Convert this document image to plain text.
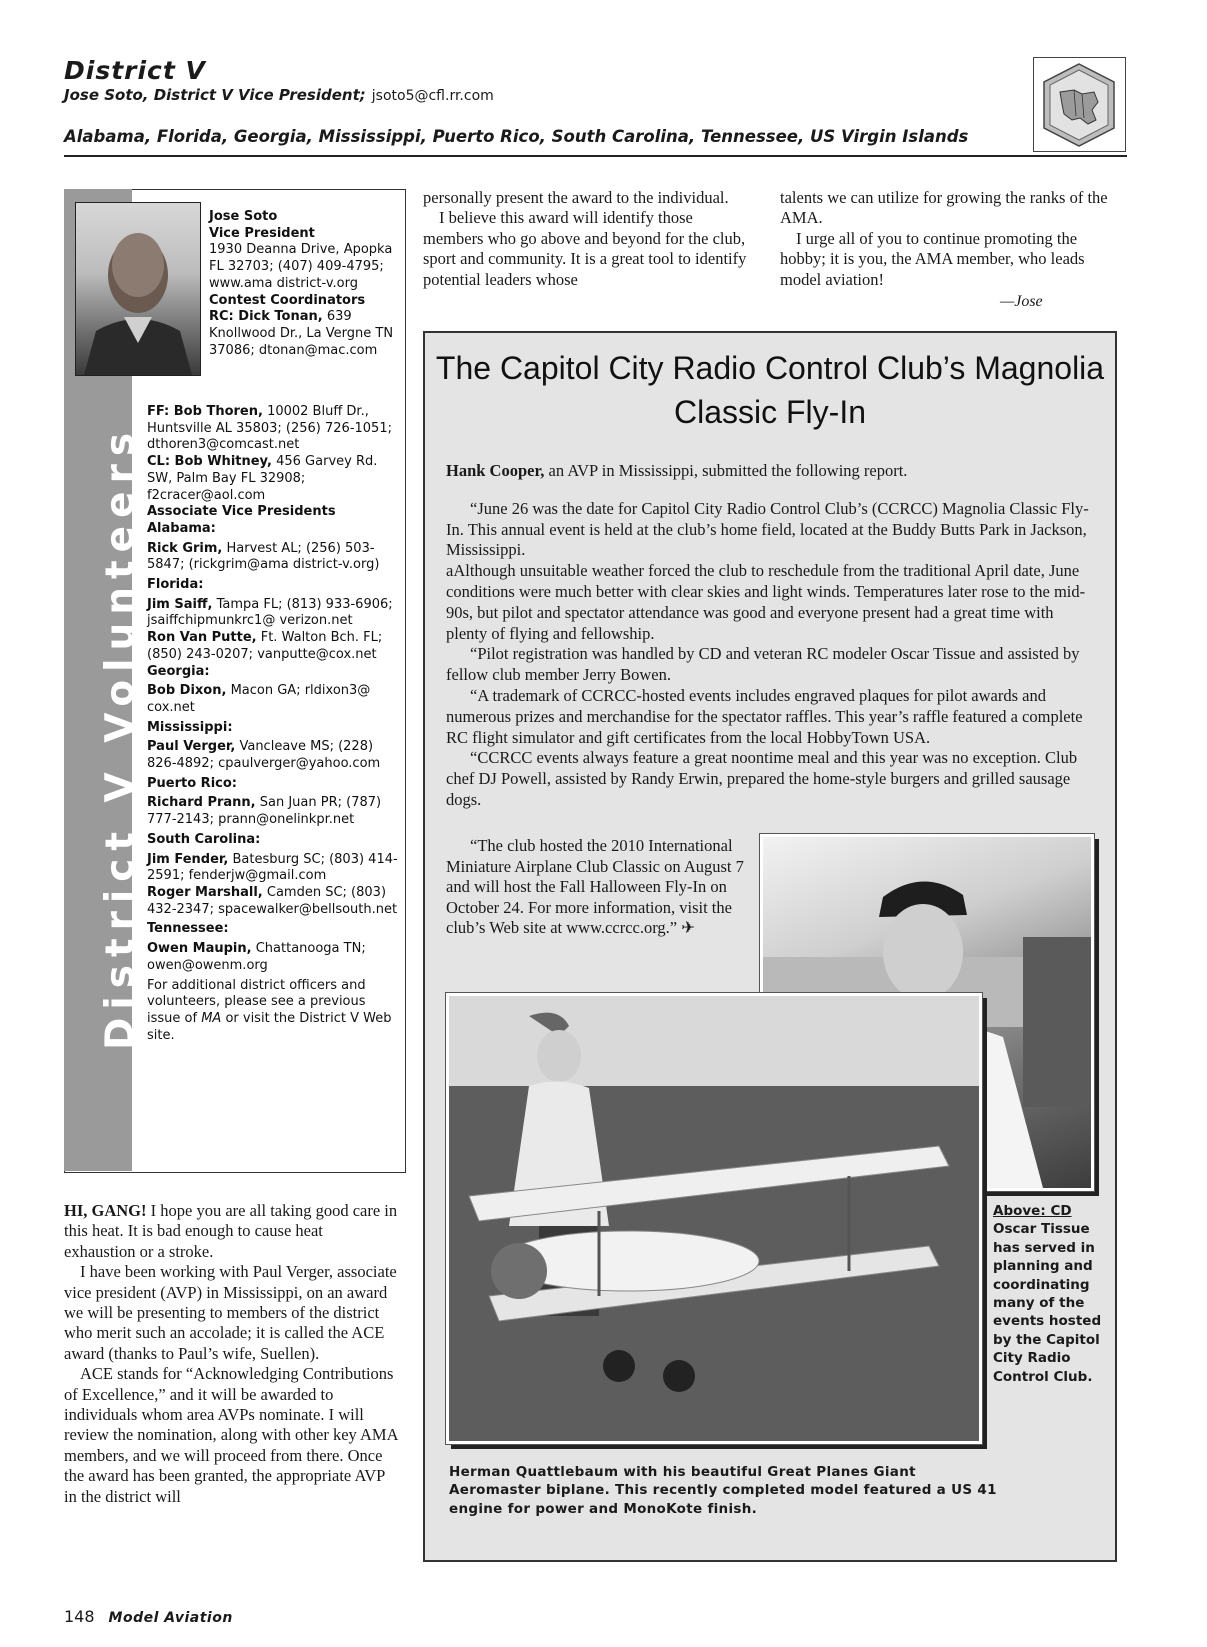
District V
Jose Soto, District V Vice President; jsoto5@cfl.rr.com
Alabama, Florida, Georgia, Mississippi, Puerto Rico, South Carolina, Tennessee, US Virgin Islands
District V Volunteers
Jose Soto
Vice President
1930 Deanna Drive, Apopka FL 32703; (407) 409-4795; www.ama district-v.org
Contest Coordinators
RC: Dick Tonan, 639 Knollwood Dr., La Vergne TN 37086; dtonan@mac.com
FF: Bob Thoren, 10002 Bluff Dr., Huntsville AL 35803; (256) 726-1051; dthoren3@comcast.net
CL: Bob Whitney, 456 Garvey Rd. SW, Palm Bay FL 32908; f2cracer@aol.com
Associate Vice Presidents
Alabama:
Rick Grim, Harvest AL; (256) 503-5847; (rickgrim@ama district-v.org)
Florida:
Jim Saiff, Tampa FL; (813) 933-6906; jsaiffchipmunkrc1@ verizon.net
Ron Van Putte, Ft. Walton Bch. FL; (850) 243-0207; vanputte@cox.net
Georgia:
Bob Dixon, Macon GA; rldixon3@ cox.net
Mississippi:
Paul Verger, Vancleave MS; (228) 826-4892; cpaulverger@yahoo.com
Puerto Rico:
Richard Prann, San Juan PR; (787) 777-2143; prann@onelinkpr.net
South Carolina:
Jim Fender, Batesburg SC; (803) 414-2591; fenderjw@gmail.com
Roger Marshall, Camden SC; (803) 432-2347; spacewalker@bellsouth.net
Tennessee:
Owen Maupin, Chattanooga TN; owen@owenm.org
For additional district officers and volunteers, please see a previous issue of MA or visit the District V Web site.

HI, GANG! I hope you are all taking good care in this heat. It is bad enough to cause heat exhaustion or a stroke.

I have been working with Paul Verger, associate vice president (AVP) in Mississippi, on an award we will be presenting to members of the district who merit such an accolade; it is called the ACE award (thanks to Paul’s wife, Suellen).

ACE stands for “Acknowledging Contributions of Excellence,” and it will be awarded to individuals whom area AVPs nominate. I will review the nomination, along with other key AMA members, and we will proceed from there. Once the award has been granted, the appropriate AVP in the district will

personally present the award to the individual.

I believe this award will identify those members who go above and beyond for the club, sport and community. It is a great tool to identify potential leaders whose

talents we can utilize for growing the ranks of the AMA.

I urge all of you to continue promoting the hobby; it is you, the AMA member, who leads model aviation!

—Jose
The Capitol City Radio Control Club’s Magnolia Classic Fly-In

Hank Cooper, an AVP in Mississippi, submitted the following report.

“June 26 was the date for Capitol City Radio Control Club’s (CCRCC) Magnolia Classic Fly-In. This annual event is held at the club’s home field, located at the Buddy Butts Park in Jackson, Mississippi.

aAlthough unsuitable weather forced the club to reschedule from the traditional April date, June conditions were much better with clear skies and light winds. Temperatures later rose to the mid-90s, but pilot and spectator attendance was good and everyone present had a great time with plenty of flying and fellowship.

“Pilot registration was handled by CD and veteran RC modeler Oscar Tissue and assisted by fellow club member Jerry Bowen.

“A trademark of CCRCC-hosted events includes engraved plaques for pilot awards and numerous prizes and merchandise for the spectator raffles. This year’s raffle featured a complete RC flight simulator and gift certificates from the local HobbyTown USA.

“CCRCC events always feature a great noontime meal and this year was no exception. Club chef DJ Powell, assisted by Randy Erwin, prepared the home-style burgers and grilled sausage dogs.

“The club hosted the 2010 International Miniature Airplane Club Classic on August 7 and will host the Fall Halloween Fly-In on October 24. For more information, visit the club’s Web site at www.ccrcc.org.” ✈

Above: CD Oscar Tissue has served in planning and coordinating many of the events hosted by the Capitol City Radio Control Club.
Herman Quattlebaum with his beautiful Great Planes Giant Aeromaster biplane. This recently completed model featured a US 41 engine for power and MonoKote finish.
148 Model Aviation
